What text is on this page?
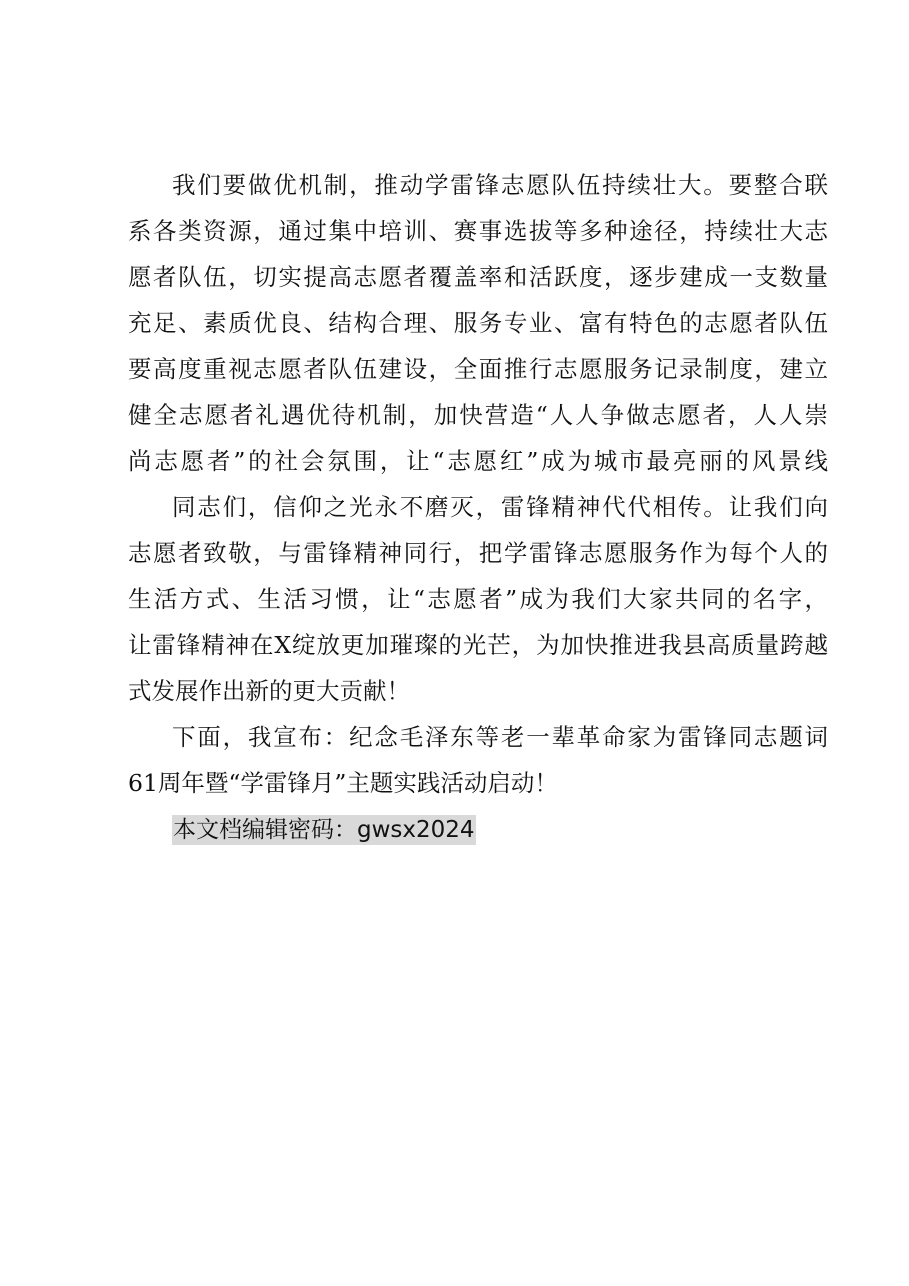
我们要做优机制，推动学雷锋志愿队伍持续壮大。要整合联
系各类资源，通过集中培训、赛事选拔等多种途径，持续壮大志
愿者队伍，切实提高志愿者覆盖率和活跃度，逐步建成一支数量
充足、素质优良、结构合理、服务专业、富有特色的志愿者队伍
要高度重视志愿者队伍建设，全面推行志愿服务记录制度，建立
健全志愿者礼遇优待机制，加快营造“人人争做志愿者，人人崇
尚志愿者”的社会氛围，让“志愿红”成为城市最亮丽的风景线
同志们，信仰之光永不磨灭，雷锋精神代代相传。让我们向
志愿者致敬，与雷锋精神同行，把学雷锋志愿服务作为每个人的
生活方式、生活习惯，让“志愿者”成为我们大家共同的名字，
让雷锋精神在X绽放更加璀璨的光芒，为加快推进我县高质量跨越
式发展作出新的更大贡献！
下面，我宣布：纪念毛泽东等老一辈革命家为雷锋同志题词
61周年暨“学雷锋月”主题实践活动启动！
本文档编辑密码：gwsx2024
